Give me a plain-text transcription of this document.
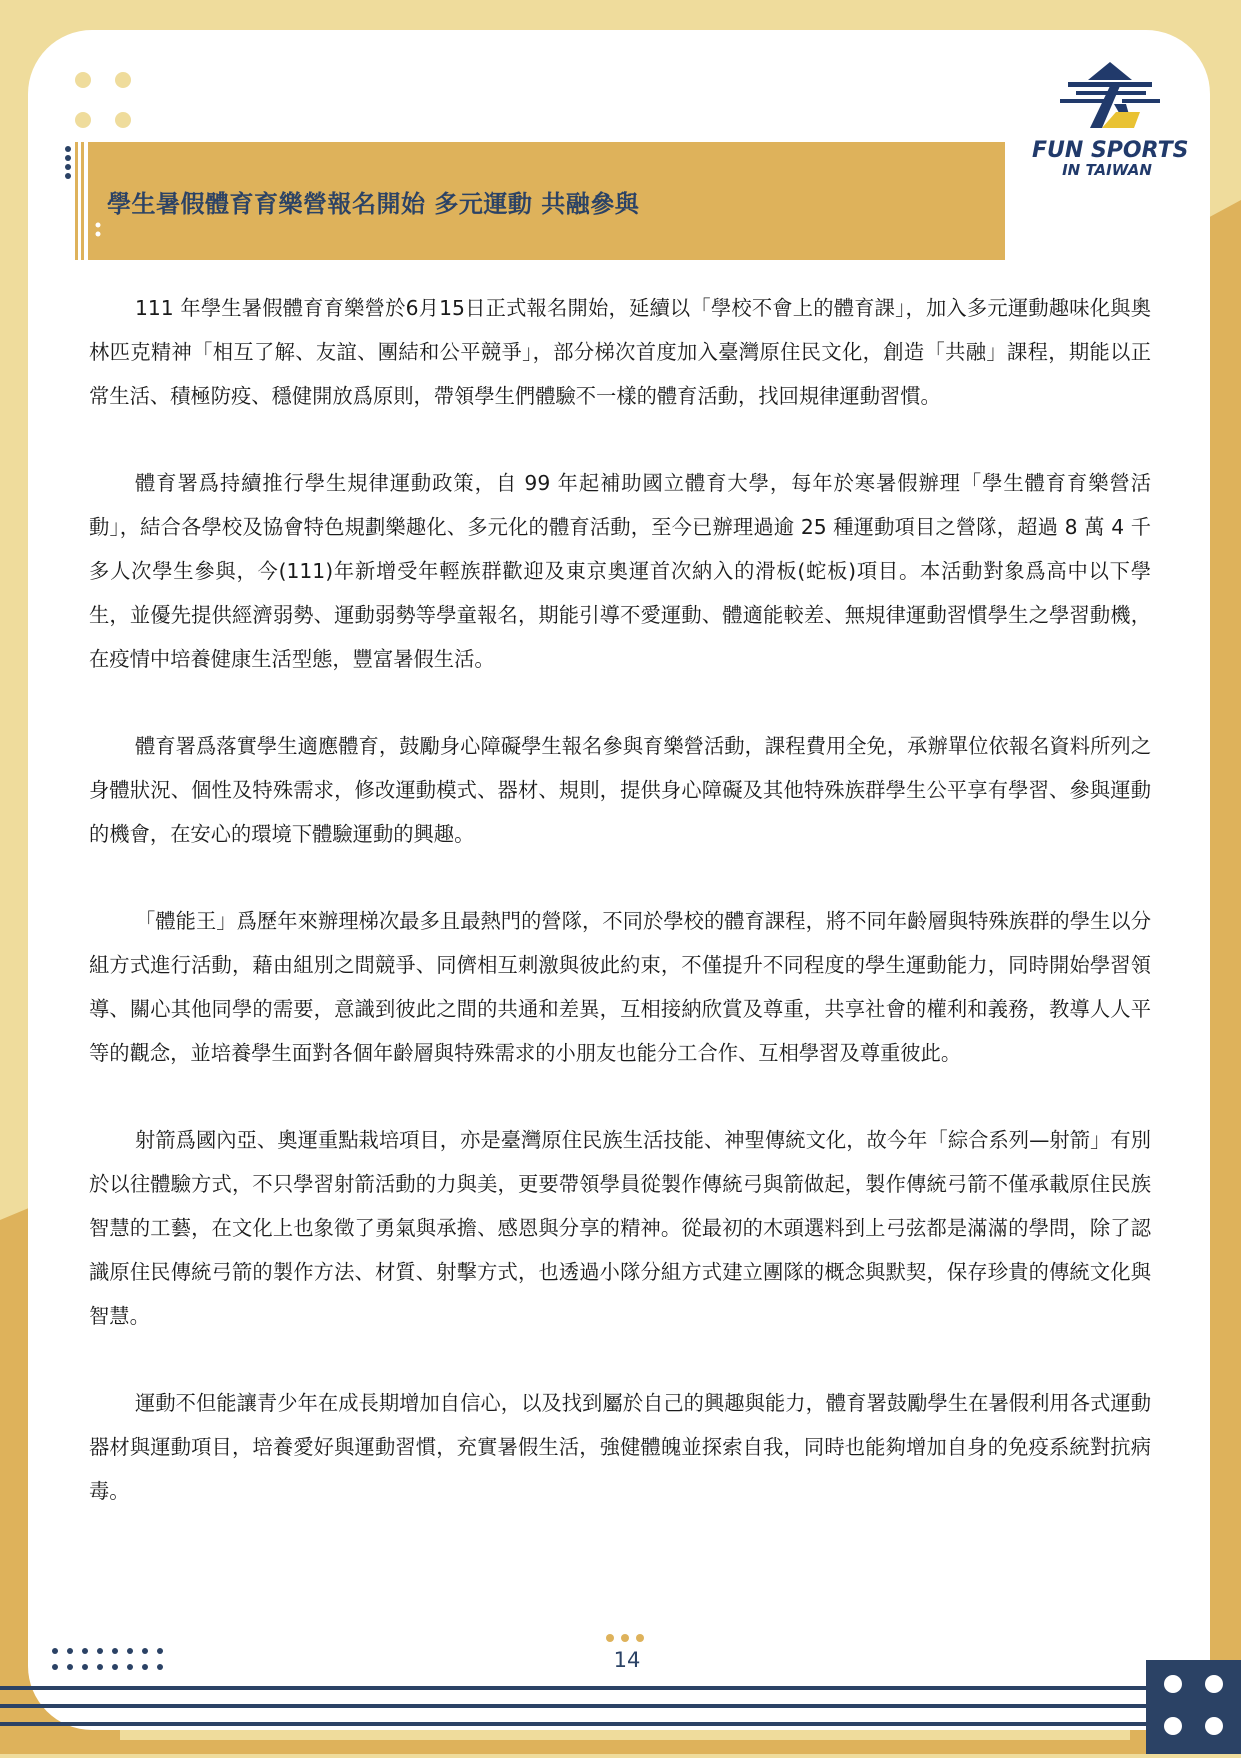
FUN SPORTS
IN TAIWAN
學生暑假體育育樂營報名開始 多元運動 共融參與

111 年學生暑假體育育樂營於6月15日正式報名開始，延續以「學校不會上的體育課」，加入多元運動趣味化與奧林匹克精神「相互了解、友誼、團結和公平競爭」，部分梯次首度加入臺灣原住民文化，創造「共融」課程，期能以正常生活、積極防疫、穩健開放爲原則，帶領學生們體驗不一樣的體育活動，找回規律運動習慣。

體育署爲持續推行學生規律運動政策，自 99 年起補助國立體育大學，每年於寒暑假辦理「學生體育育樂營活動」，結合各學校及協會特色規劃樂趣化、多元化的體育活動，至今已辦理過逾 25 種運動項目之營隊，超過 8 萬 4 千多人次學生參與，今(111)年新增受年輕族群歡迎及東京奧運首次納入的滑板(蛇板)項目。本活動對象爲高中以下學生，並優先提供經濟弱勢、運動弱勢等學童報名，期能引導不愛運動、體適能較差、無規律運動習慣學生之學習動機，在疫情中培養健康生活型態，豐富暑假生活。

體育署爲落實學生適應體育，鼓勵身心障礙學生報名參與育樂營活動，課程費用全免，承辦單位依報名資料所列之身體狀況、個性及特殊需求，修改運動模式、器材、規則，提供身心障礙及其他特殊族群學生公平享有學習、參與運動的機會，在安心的環境下體驗運動的興趣。

「體能王」爲歷年來辦理梯次最多且最熱門的營隊，不同於學校的體育課程，將不同年齡層與特殊族群的學生以分組方式進行活動，藉由組別之間競爭、同儕相互刺激與彼此約束，不僅提升不同程度的學生運動能力，同時開始學習領導、關心其他同學的需要，意識到彼此之間的共通和差異，互相接納欣賞及尊重，共享社會的權利和義務，教導人人平等的觀念，並培養學生面對各個年齡層與特殊需求的小朋友也能分工合作、互相學習及尊重彼此。

射箭爲國內亞、奧運重點栽培項目，亦是臺灣原住民族生活技能、神聖傳統文化，故今年「綜合系列—射箭」有別於以往體驗方式，不只學習射箭活動的力與美，更要帶領學員從製作傳統弓與箭做起，製作傳統弓箭不僅承載原住民族智慧的工藝，在文化上也象徵了勇氣與承擔、感恩與分享的精神。從最初的木頭選料到上弓弦都是滿滿的學問，除了認識原住民傳統弓箭的製作方法、材質、射擊方式，也透過小隊分組方式建立團隊的概念與默契，保存珍貴的傳統文化與智慧。

運動不但能讓青少年在成長期增加自信心，以及找到屬於自己的興趣與能力，體育署鼓勵學生在暑假利用各式運動器材與運動項目，培養愛好與運動習慣，充實暑假生活，強健體魄並探索自我，同時也能夠增加自身的免疫系統對抗病毒。

14
